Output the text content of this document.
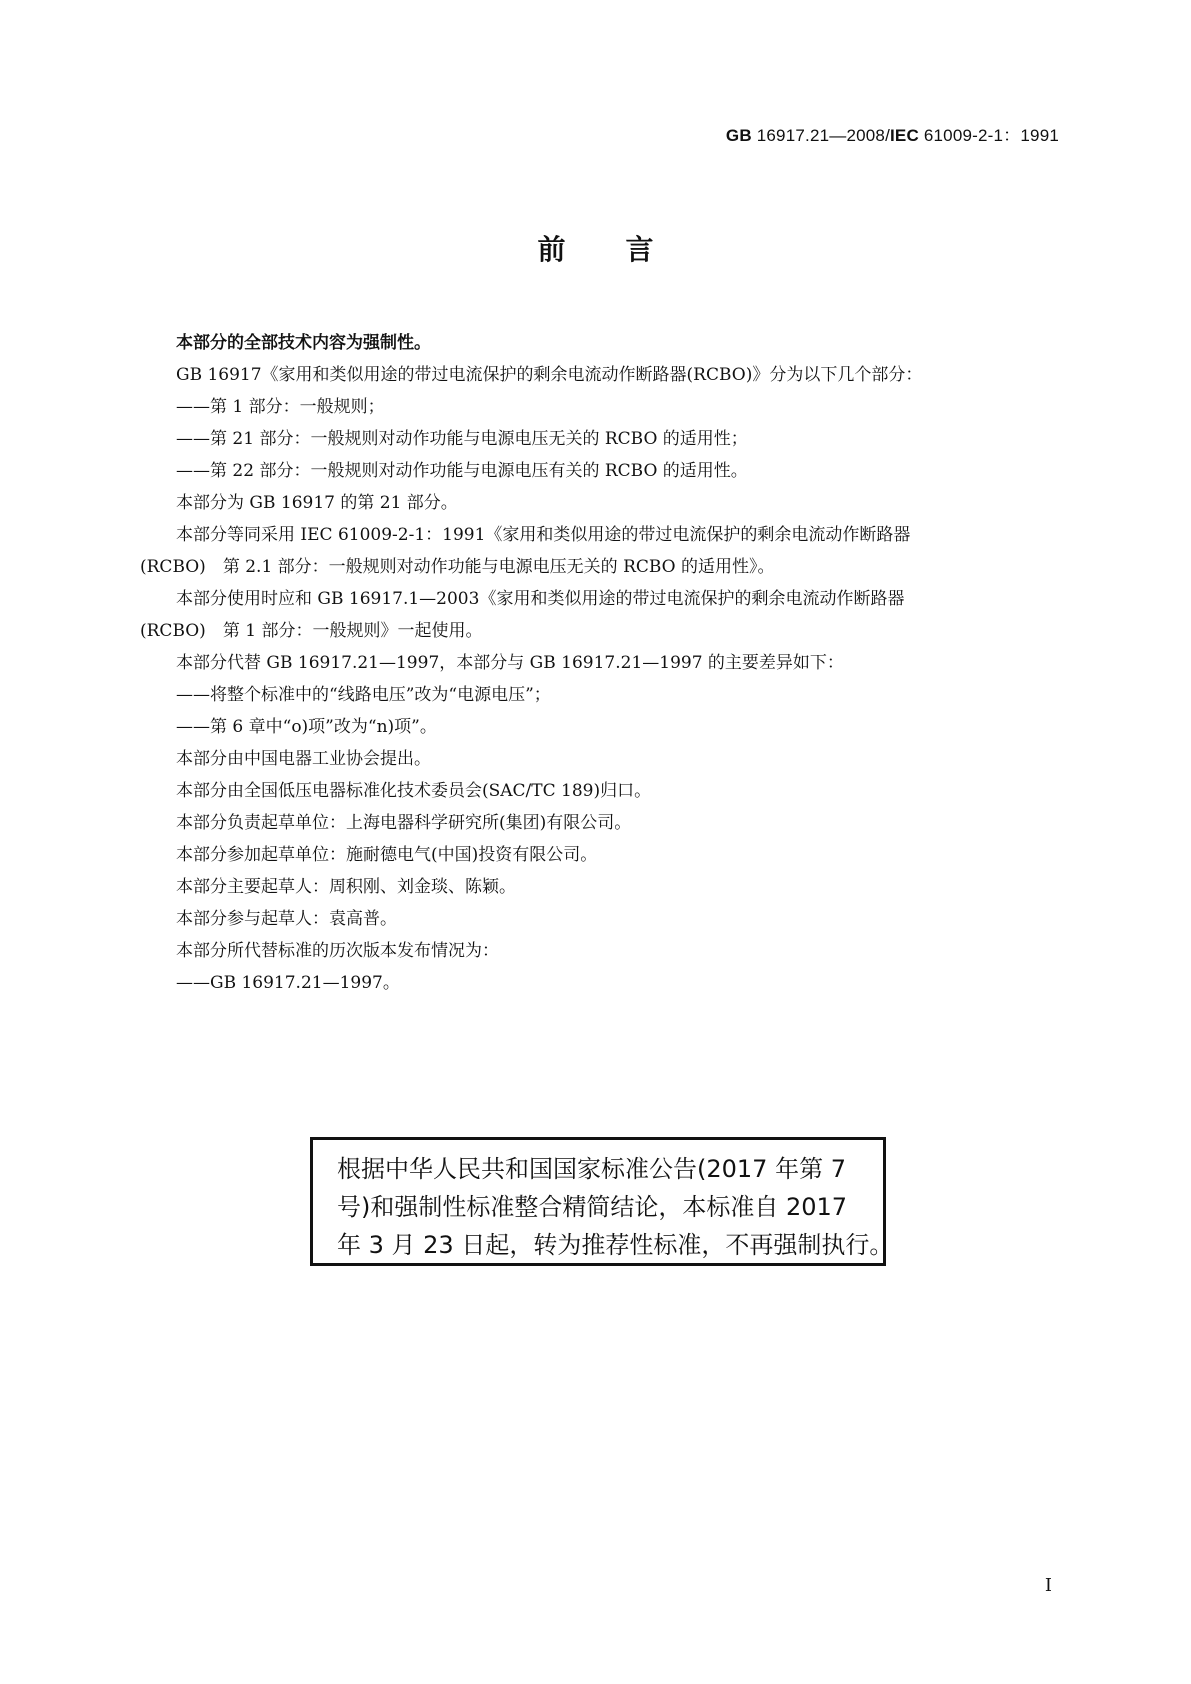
GB 16917.21—2008/IEC 61009-2-1：1991
前言
本部分的全部技术内容为强制性。
GB 16917《家用和类似用途的带过电流保护的剩余电流动作断路器(RCBO)》分为以下几个部分：
——第 1 部分：一般规则；
——第 21 部分：一般规则对动作功能与电源电压无关的 RCBO 的适用性；
——第 22 部分：一般规则对动作功能与电源电压有关的 RCBO 的适用性。
本部分为 GB 16917 的第 21 部分。
本部分等同采用 IEC 61009-2-1：1991《家用和类似用途的带过电流保护的剩余电流动作断路器
(RCBO)　第 2.1 部分：一般规则对动作功能与电源电压无关的 RCBO 的适用性》。
本部分使用时应和 GB 16917.1—2003《家用和类似用途的带过电流保护的剩余电流动作断路器
(RCBO)　第 1 部分：一般规则》一起使用。
本部分代替 GB 16917.21—1997，本部分与 GB 16917.21—1997 的主要差异如下：
——将整个标准中的“线路电压”改为“电源电压”；
——第 6 章中“o)项”改为“n)项”。
本部分由中国电器工业协会提出。
本部分由全国低压电器标准化技术委员会(SAC/TC 189)归口。
本部分负责起草单位：上海电器科学研究所(集团)有限公司。
本部分参加起草单位：施耐德电气(中国)投资有限公司。
本部分主要起草人：周积刚、刘金琰、陈颖。
本部分参与起草人：袁高普。
本部分所代替标准的历次版本发布情况为：
——GB 16917.21—1997。
根据中华人民共和国国家标准公告(2017 年第 7
号)和强制性标准整合精简结论，本标准自 2017
年 3 月 23 日起，转为推荐性标准，不再强制执行。
I
